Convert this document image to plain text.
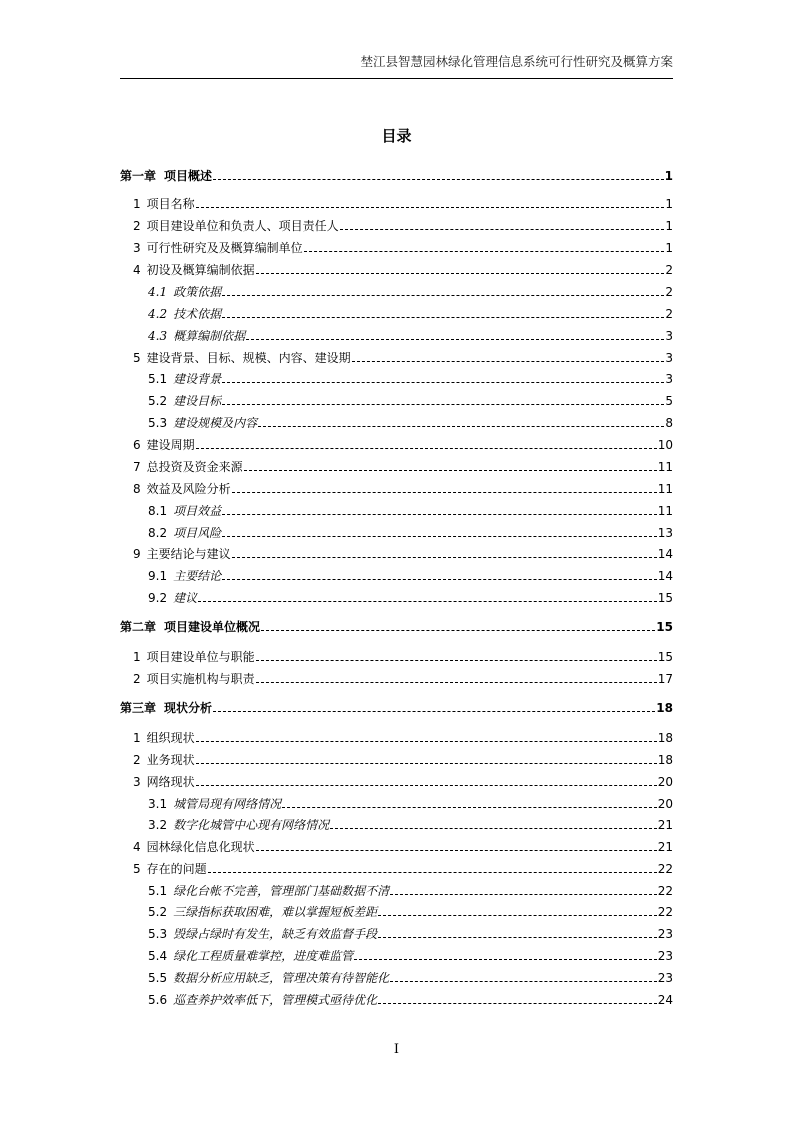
埜江县智慧园林绿化管理信息系统可行性研究及概算方案
目录
第一章 项目概述	1
1 项目名称	1
2 项目建设单位和负责人、项目责任人	1
3 可行性研究及及概算编制单位	1
4 初设及概算编制依据	2
4.1 政策依据	2
4.2 技术依据	2
4.3 概算编制依据	3
5 建设背景、目标、规模、内容、建设期	3
5.1 建设背景	3
5.2 建设目标	5
5.3 建设规模及内容	8
6 建设周期	10
7 总投资及资金来源	11
8 效益及风险分析	11
8.1 项目效益	11
8.2 项目风险	13
9 主要结论与建议	14
9.1 主要结论	14
9.2 建议	15
第二章 项目建设单位概况	15
1 项目建设单位与职能	15
2 项目实施机构与职责	17
第三章 现状分析	18
1 组织现状	18
2 业务现状	18
3 网络现状	20
3.1 城管局现有网络情况	20
3.2 数字化城管中心现有网络情况	21
4 园林绿化信息化现状	21
5 存在的问题	22
5.1 绿化台帐不完善，管理部门基础数据不清	22
5.2 三绿指标获取困难，难以掌握短板差距	22
5.3 毁绿占绿时有发生，缺乏有效监督手段	23
5.4 绿化工程质量难掌控，进度难监管	23
5.5 数据分析应用缺乏，管理决策有待智能化	23
5.6 巡查养护效率低下，管理模式亟待优化	24
I
